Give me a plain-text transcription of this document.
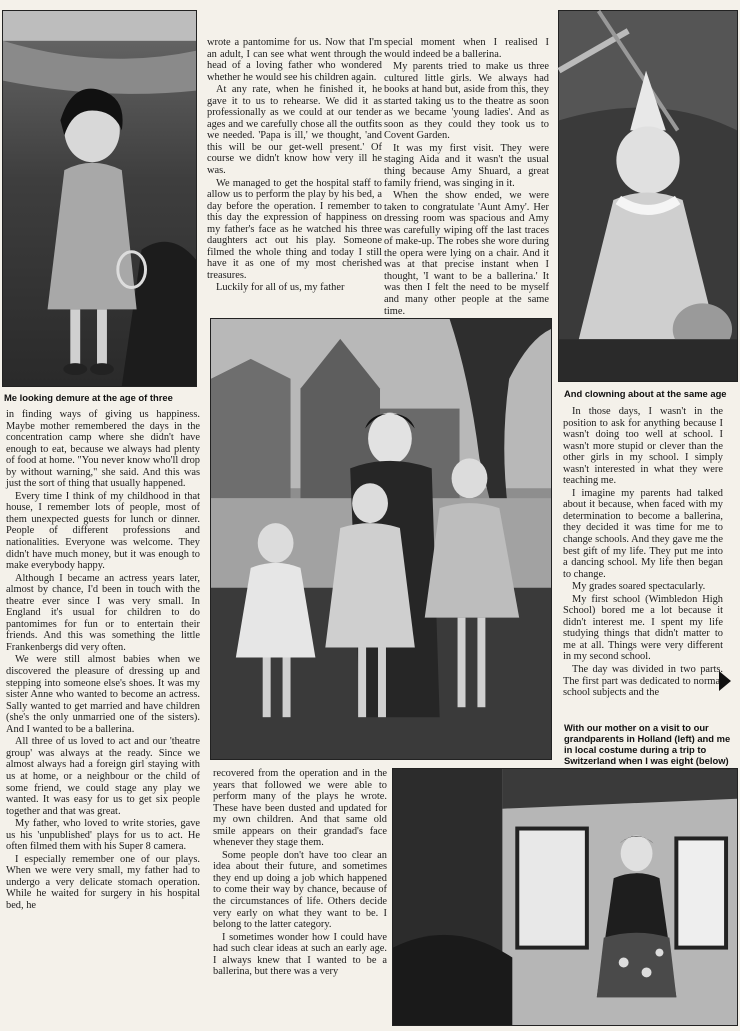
Me looking demure at the age of three	And clowning about at the same age

wrote a pantomime for us. Now that I'm an adult, I can see what went through the head of a loving father who wondered whether he would see his children again.

At any rate, when he finished it, he gave it to us to rehearse. We did it as professionally as we could at our tender ages and we carefully chose all the outfits we needed. 'Papa is ill,' we thought, 'and this will be our get-well present.' Of course we didn't know how very ill he was.

We managed to get the hospital staff to allow us to perform the play by his bed, a day before the operation. I remember to this day the expression of happiness on my father's face as he watched his three daughters act out his play. Someone filmed the whole thing and today I still have it as one of my most cherished treasures.

Luckily for all of us, my father

special moment when I realised I would indeed be a ballerina.

My parents tried to make us three cultured little girls. We always had books at hand but, aside from this, they started taking us to the theatre as soon as we became 'young ladies'. And as soon as they could they took us to Covent Garden.

It was my first visit. They were staging Aida and it wasn't the usual thing because Amy Shuard, a great family friend, was singing in it.

When the show ended, we were taken to congratulate 'Aunt Amy'. Her dressing room was spacious and Amy was carefully wiping off the last traces of make-up. The robes she wore during the opera were lying on a chair. And it was at that precise instant when I thought, 'I want to be a ballerina.' It was then I felt the need to be myself and many other people at the same time.

in finding ways of giving us happiness. Maybe mother remembered the days in the concentration camp where she didn't have enough to eat, because we always had plenty of food at home. "You never know who'll drop by without warning," she said. And this was just the sort of thing that usually happened.

Every time I think of my childhood in that house, I remember lots of people, most of them unexpected guests for lunch or dinner. People of different professions and nationalities. Everyone was welcome. They didn't have much money, but it was enough to make everybody happy.

Although I became an actress years later, almost by chance, I'd been in touch with the theatre ever since I was very small. In England it's usual for children to do pantomimes for fun or to entertain their friends. And this was something the little Frankenbergs did very often.

We were still almost babies when we discovered the pleasure of dressing up and stepping into someone else's shoes. It was my sister Anne who wanted to become an actress. Sally wanted to get married and have children (she's the only unmarried one of the sisters). And I wanted to be a ballerina.

All three of us loved to act and our 'theatre group' was always at the ready. Since we almost always had a foreign girl staying with us at home, or a neighbour or the child of some friend, we could stage any play we wanted. It was easy for us to get six people together and that was great.

My father, who loved to write stories, gave us his 'unpublished' plays for us to act. He often filmed them with his Super 8 camera.

I especially remember one of our plays. When we were very small, my father had to undergo a very delicate stomach operation. While he waited for surgery in his hospital bed, he

recovered from the operation and in the years that followed we were able to perform many of the plays he wrote. These have been dusted and updated for my own children. And that same old smile appears on their grandad's face whenever they stage them.

Some people don't have too clear an idea about their future, and sometimes they end up doing a job which happened to come their way by chance, because of the circumstances of life. Others decide very early on what they want to be. I belong to the latter category.

I sometimes wonder how I could have had such clear ideas at such an early age. I always knew that I wanted to be a ballerina, but there was a very

In those days, I wasn't in the position to ask for anything because I wasn't doing too well at school. I wasn't more stupid or clever than the other girls in my school. I simply wasn't interested in what they were teaching me.

I imagine my parents had talked about it because, when faced with my determination to become a ballerina, they decided it was time for me to change schools. And they gave me the best gift of my life. They put me into a dancing school. My life then began to change.

My grades soared spectacularly.

My first school (Wimbledon High School) bored me a lot because it didn't interest me. I spent my life studying things that didn't matter to me at all. Things were very different in my second school.

The day was divided in two parts. The first part was dedicated to normal school subjects and the

With our mother on a visit to our grandparents in Holland (left) and me in local costume during a trip to Switzerland when I was eight (below)
